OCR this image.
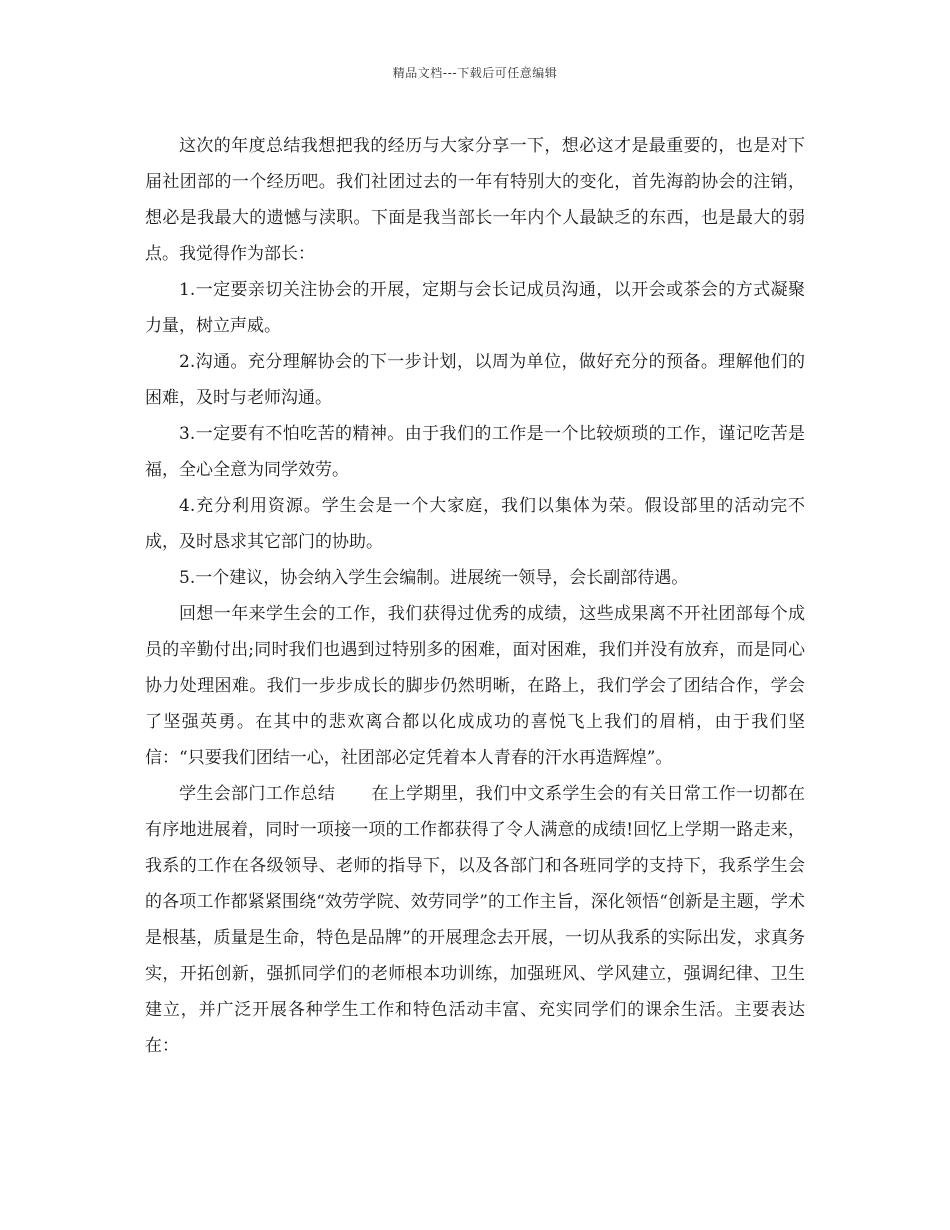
精品文档---下载后可任意编辑

这次的年度总结我想把我的经历与大家分享一下，想必这才是最重要的，也是对下届社团部的一个经历吧。我们社团过去的一年有特别大的变化，首先海韵协会的注销，想必是我最大的遗憾与渎职。下面是我当部长一年内个人最缺乏的东西，也是最大的弱点。我觉得作为部长：

1.一定要亲切关注协会的开展，定期与会长记成员沟通，以开会或茶会的方式凝聚力量，树立声威。

2.沟通。充分理解协会的下一步计划，以周为单位，做好充分的预备。理解他们的困难，及时与老师沟通。

3.一定要有不怕吃苦的精神。由于我们的工作是一个比较烦琐的工作，谨记吃苦是福，全心全意为同学效劳。

4.充分利用资源。学生会是一个大家庭，我们以集体为荣。假设部里的活动完不成，及时恳求其它部门的协助。

5.一个建议，协会纳入学生会编制。进展统一领导，会长副部待遇。

回想一年来学生会的工作，我们获得过优秀的成绩，这些成果离不开社团部每个成员的辛勤付出;同时我们也遇到过特别多的困难，面对困难，我们并没有放弃，而是同心协力处理困难。我们一步步成长的脚步仍然明晰，在路上，我们学会了团结合作，学会了坚强英勇。在其中的悲欢离合都以化成成功的喜悦飞上我们的眉梢，由于我们坚信：“只要我们团结一心，社团部必定凭着本人青春的汗水再造辉煌”。

学生会部门工作总结 在上学期里，我们中文系学生会的有关日常工作一切都在有序地进展着，同时一项接一项的工作都获得了令人满意的成绩!回忆上学期一路走来，我系的工作在各级领导、老师的指导下，以及各部门和各班同学的支持下，我系学生会的各项工作都紧紧围绕“效劳学院、效劳同学”的工作主旨，深化领悟“创新是主题，学术是根基，质量是生命，特色是品牌”的开展理念去开展，一切从我系的实际出发，求真务实，开拓创新，强抓同学们的老师根本功训练，加强班风、学风建立，强调纪律、卫生建立，并广泛开展各种学生工作和特色活动丰富、充实同学们的课余生活。主要表达在：
